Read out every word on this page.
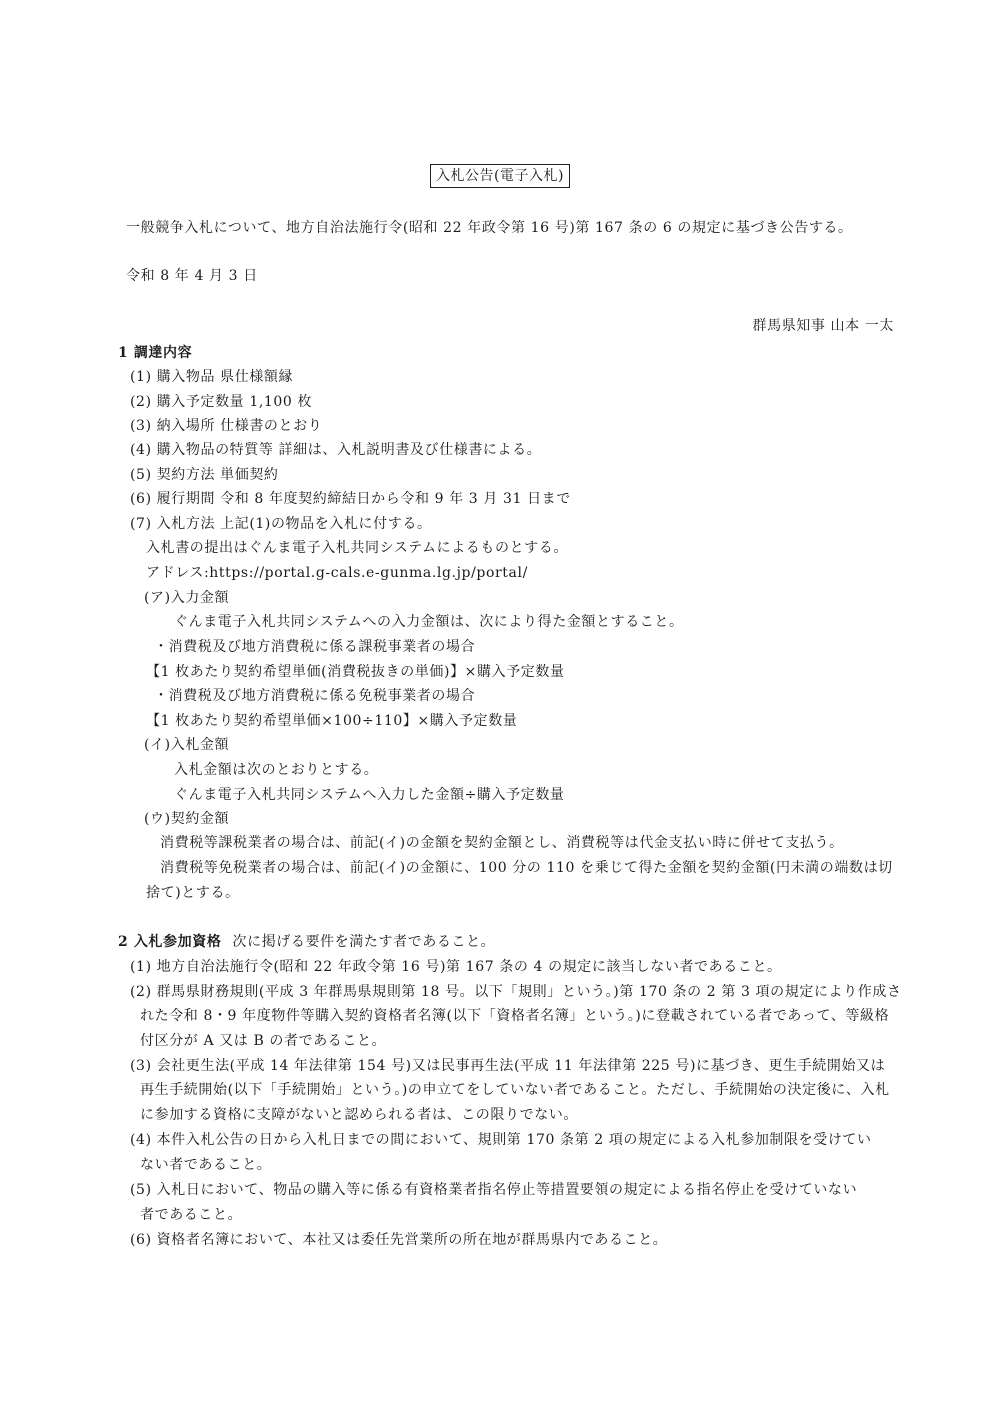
入札公告(電子入札)
一般競争入札について、地方自治法施行令(昭和 22 年政令第 16 号)第 167 条の 6 の規定に基づき公告する。
令和 8 年 4 月 3 日
群馬県知事 山本 一太
1 調達内容
(1) 購入物品 県仕様額縁
(2) 購入予定数量 1,100 枚
(3) 納入場所 仕様書のとおり
(4) 購入物品の特質等 詳細は、入札説明書及び仕様書による。
(5) 契約方法 単価契約
(6) 履行期間 令和 8 年度契約締結日から令和 9 年 3 月 31 日まで
(7) 入札方法 上記(1)の物品を入札に付する。
入札書の提出はぐんま電子入札共同システムによるものとする。
アドレス:https://portal.g-cals.e-gunma.lg.jp/portal/
(ア)入力金額
ぐんま電子入札共同システムへの入力金額は、次により得た金額とすること。
・消費税及び地方消費税に係る課税事業者の場合
【1 枚あたり契約希望単価(消費税抜きの単価)】×購入予定数量
・消費税及び地方消費税に係る免税事業者の場合
【1 枚あたり契約希望単価×100÷110】×購入予定数量
(イ)入札金額
入札金額は次のとおりとする。
ぐんま電子入札共同システムへ入力した金額÷購入予定数量
(ウ)契約金額
消費税等課税業者の場合は、前記(イ)の金額を契約金額とし、消費税等は代金支払い時に併せて支払う。
消費税等免税業者の場合は、前記(イ)の金額に、100 分の 110 を乗じて得た金額を契約金額(円未満の端数は切
捨て)とする。
2 入札参加資格 次に掲げる要件を満たす者であること。
(1) 地方自治法施行令(昭和 22 年政令第 16 号)第 167 条の 4 の規定に該当しない者であること。
(2) 群馬県財務規則(平成 3 年群馬県規則第 18 号。以下「規則」という。)第 170 条の 2 第 3 項の規定により作成さ
れた令和 8・9 年度物件等購入契約資格者名簿(以下「資格者名簿」という。)に登載されている者であって、等級格
付区分が A 又は B の者であること。
(3) 会社更生法(平成 14 年法律第 154 号)又は民事再生法(平成 11 年法律第 225 号)に基づき、更生手続開始又は
再生手続開始(以下「手続開始」という。)の申立てをしていない者であること。ただし、手続開始の決定後に、入札
に参加する資格に支障がないと認められる者は、この限りでない。
(4) 本件入札公告の日から入札日までの間において、規則第 170 条第 2 項の規定による入札参加制限を受けてい
ない者であること。
(5) 入札日において、物品の購入等に係る有資格業者指名停止等措置要領の規定による指名停止を受けていない
者であること。
(6) 資格者名簿において、本社又は委任先営業所の所在地が群馬県内であること。
